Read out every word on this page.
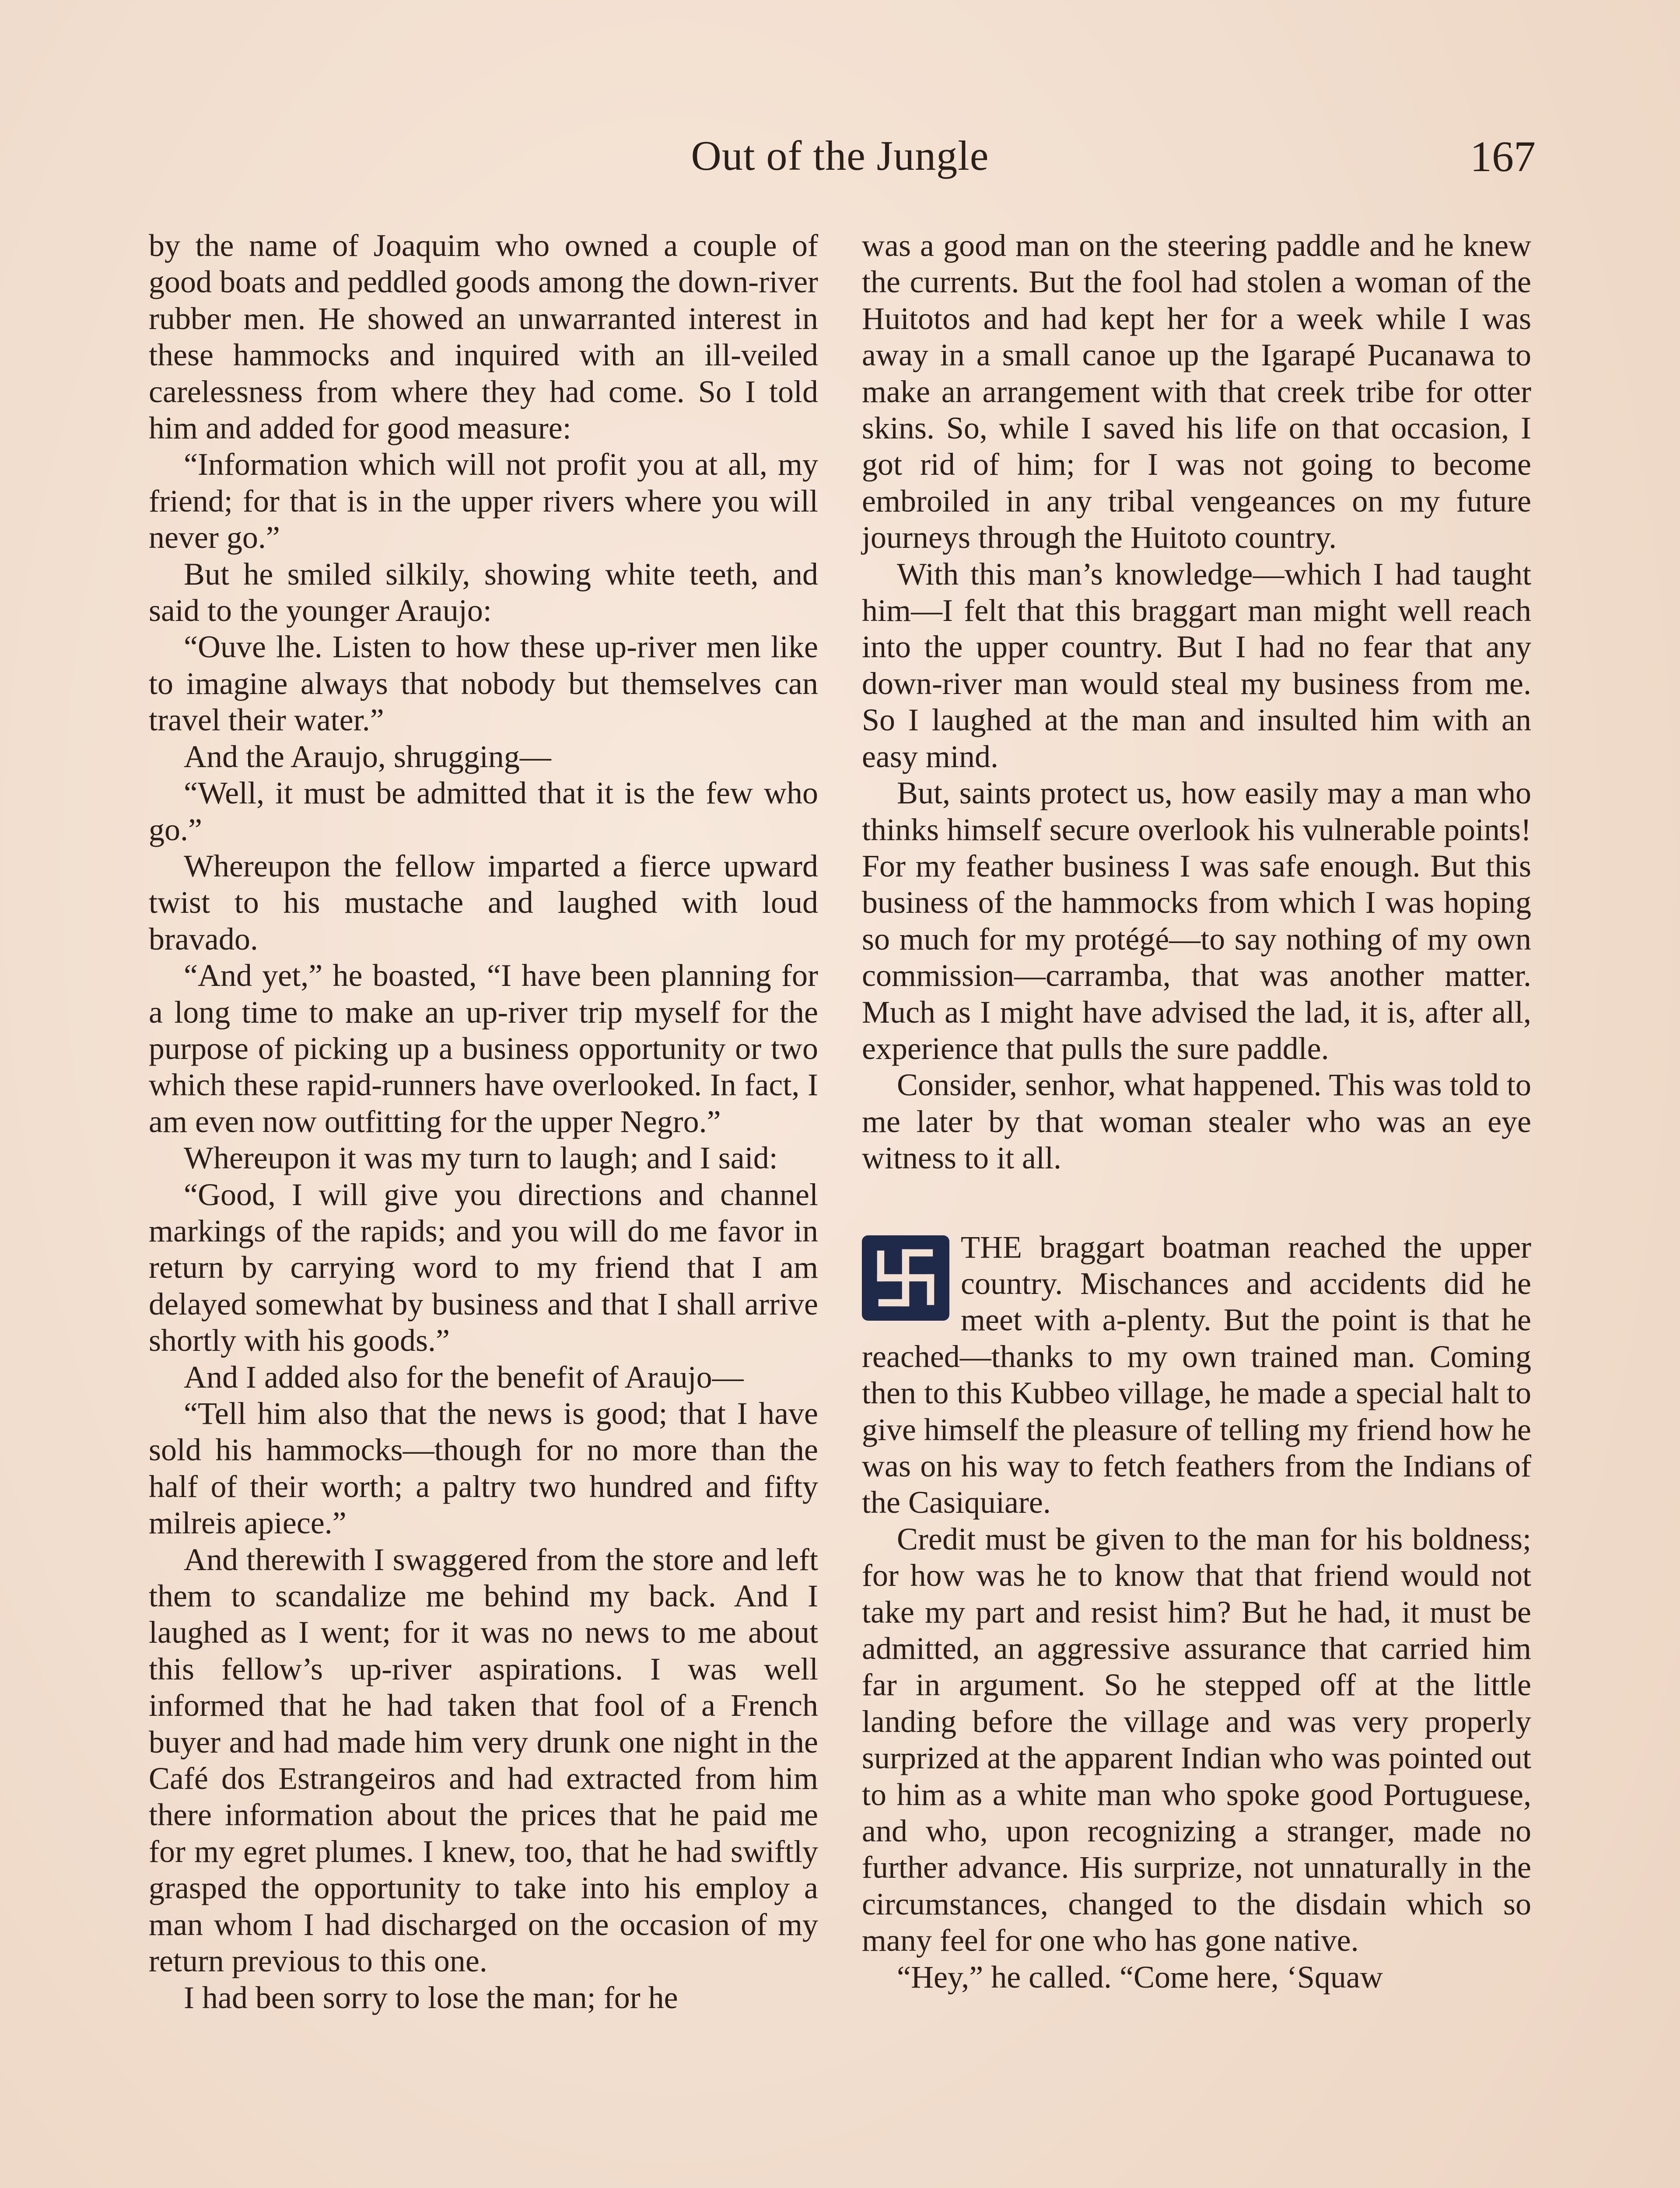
Out of the Jungle	167

by the name of Joaquim who owned a couple of good boats and peddled goods among the down-river rubber men. He showed an unwarranted interest in these hammocks and inquired with an ill-veiled carelessness from where they had come. So I told him and added for good measure:

“Information which will not profit you at all, my friend; for that is in the upper rivers where you will never go.”

But he smiled silkily, showing white teeth, and said to the younger Araujo:

“Ouve lhe. Listen to how these up-river men like to imagine always that nobody but themselves can travel their water.”

And the Araujo, shrugging—

“Well, it must be admitted that it is the few who go.”

Whereupon the fellow imparted a fierce upward twist to his mustache and laughed with loud bravado.

“And yet,” he boasted, “I have been planning for a long time to make an up-river trip myself for the purpose of picking up a business opportunity or two which these rapid-runners have overlooked. In fact, I am even now outfitting for the upper Negro.”

Whereupon it was my turn to laugh; and I said:

“Good, I will give you directions and channel markings of the rapids; and you will do me favor in return by carrying word to my friend that I am delayed somewhat by business and that I shall arrive shortly with his goods.”

And I added also for the benefit of Araujo—

“Tell him also that the news is good; that I have sold his hammocks—though for no more than the half of their worth; a paltry two hundred and fifty milreis apiece.”

And therewith I swaggered from the store and left them to scandalize me behind my back. And I laughed as I went; for it was no news to me about this fellow’s up-river aspirations. I was well informed that he had taken that fool of a French buyer and had made him very drunk one night in the Café dos Estrangeiros and had extracted from him there information about the prices that he paid me for my egret plumes. I knew, too, that he had swiftly grasped the opportunity to take into his employ a man whom I had discharged on the occasion of my return previous to this one.

I had been sorry to lose the man; for he

was a good man on the steering paddle and he knew the currents. But the fool had stolen a woman of the Huitotos and had kept her for a week while I was away in a small canoe up the Igarapé Pucanawa to make an arrangement with that creek tribe for otter skins. So, while I saved his life on that occasion, I got rid of him; for I was not going to become embroiled in any tribal vengeances on my future journeys through the Huitoto country.

With this man’s knowledge—which I had taught him—I felt that this braggart man might well reach into the upper country. But I had no fear that any down-river man would steal my business from me. So I laughed at the man and insulted him with an easy mind.

But, saints protect us, how easily may a man who thinks himself secure overlook his vulnerable points! For my feather business I was safe enough. But this business of the hammocks from which I was hoping so much for my protégé—to say nothing of my own commission—carramba, that was another matter. Much as I might have advised the lad, it is, after all, experience that pulls the sure paddle.

Consider, senhor, what happened. This was told to me later by that woman stealer who was an eye witness to it all.

THE braggart boatman reached the upper country. Mischances and accidents did he meet with a-plenty. But the point is that he reached—thanks to my own trained man. Coming then to this Kubbeo village, he made a special halt to give himself the pleasure of telling my friend how he was on his way to fetch feathers from the Indians of the Casiquiare.

Credit must be given to the man for his boldness; for how was he to know that that friend would not take my part and resist him? But he had, it must be admitted, an aggressive assurance that carried him far in argument. So he stepped off at the little landing before the village and was very properly surprized at the apparent Indian who was pointed out to him as a white man who spoke good Portuguese, and who, upon recognizing a stranger, made no further advance. His surprize, not unnaturally in the circumstances, changed to the disdain which so many feel for one who has gone native.

“Hey,” he called. “Come here, ‘Squaw
